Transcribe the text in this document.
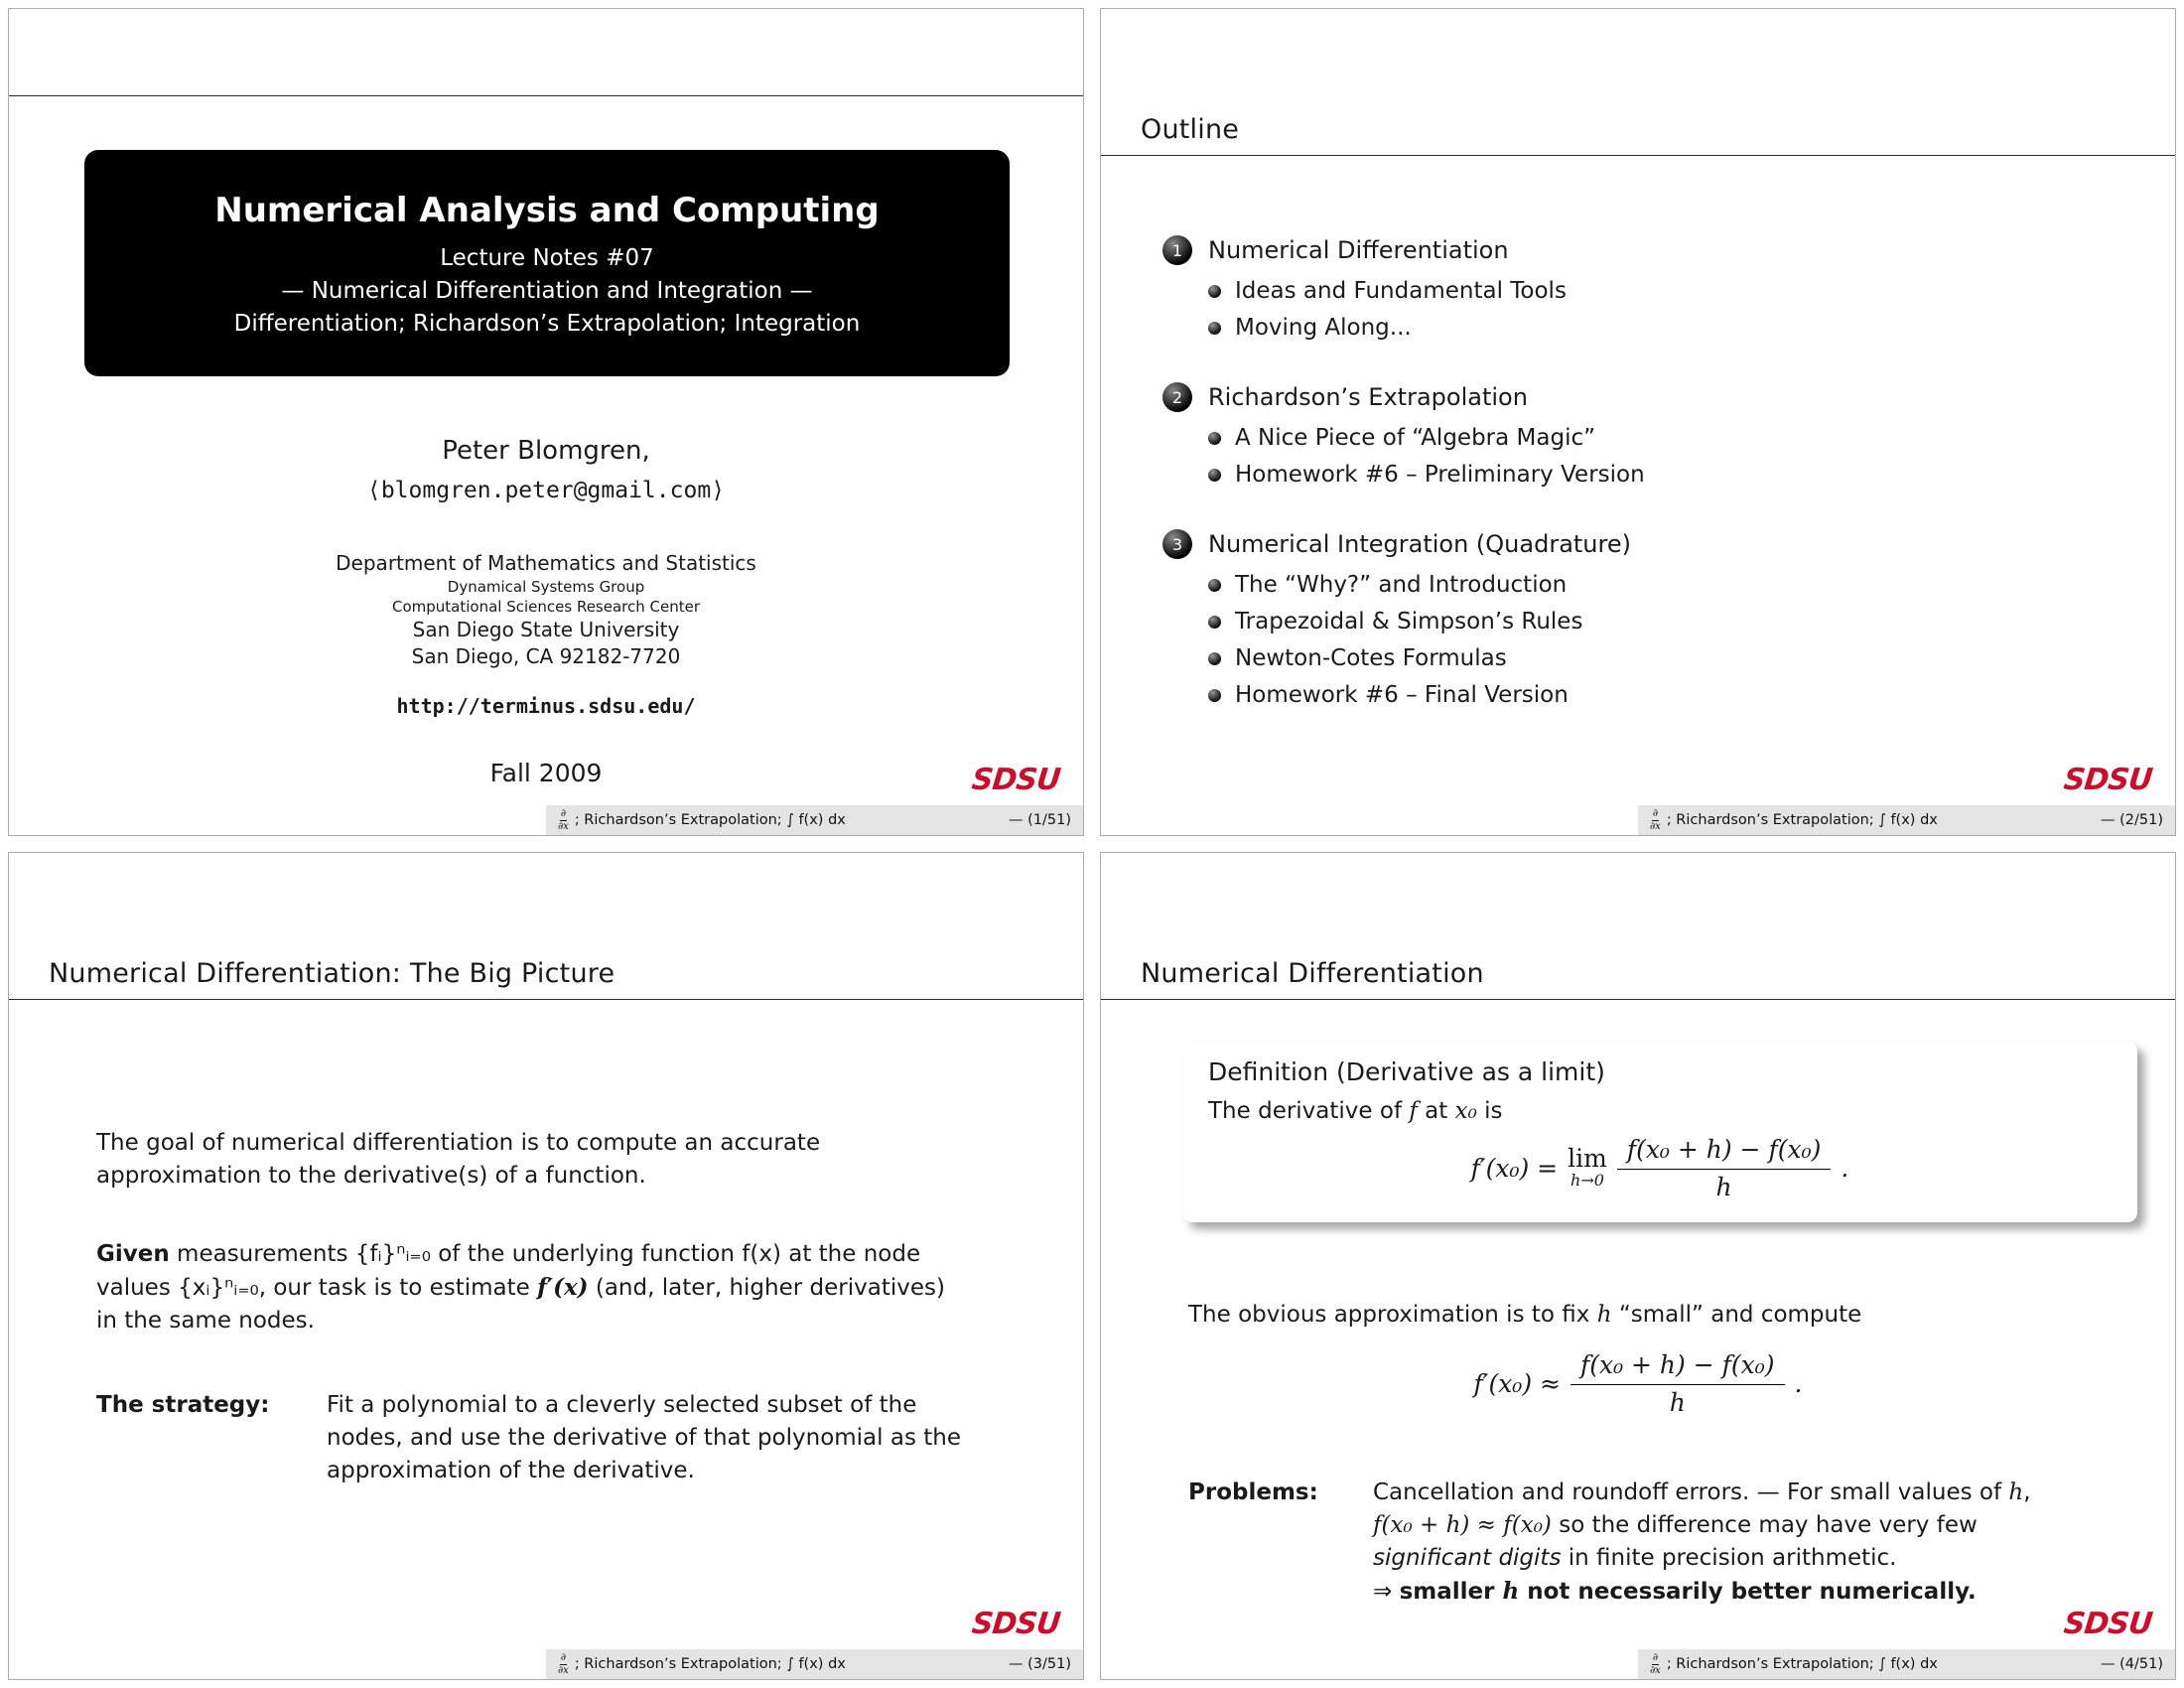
Numerical Analysis and Computing
Lecture Notes #07
— Numerical Differentiation and Integration —
Differentiation; Richardson’s Extrapolation; Integration
Peter Blomgren,
⟨blomgren.peter@gmail.com⟩
Department of Mathematics and Statistics
Dynamical Systems Group
Computational Sciences Research Center
San Diego State University
San Diego, CA 92182-7720
http://terminus.sdsu.edu/
Fall 2009	SDSU
∂
∂x ; Richardson’s Extrapolation; ∫ f(x) dx	— (1/51)
Outline
1 Numerical Differentiation
Ideas and Fundamental Tools
Moving Along...
2 Richardson’s Extrapolation
A Nice Piece of “Algebra Magic”
Homework #6 – Preliminary Version
3 Numerical Integration (Quadrature)
The “Why?” and Introduction
Trapezoidal & Simpson’s Rules
Newton-Cotes Formulas
Homework #6 – Final Version
SDSU
∂
∂x ; Richardson’s Extrapolation; ∫ f(x) dx	— (2/51)
Numerical Differentiation: The Big Picture

The goal of numerical differentiation is to compute an accurate approximation to the derivative(s) of a function.

Given measurements {fᵢ}ⁿᵢ₌₀ of the underlying function f(x) at the node values {xᵢ}ⁿᵢ₌₀, our task is to estimate f′(x) (and, later, higher derivatives) in the same nodes.

The strategy:	Fit a polynomial to a cleverly selected subset of the nodes, and use the derivative of that polynomial as the approximation of the derivative.
SDSU
∂
∂x ; Richardson’s Extrapolation; ∫ f(x) dx	— (3/51)
Numerical Differentiation
Definition (Derivative as a limit)
The derivative of f at x₀ is
f′(x₀) = lim
$h\to 0 \frac{\text{f(x₀ + h) − f(x₀)}}{h}$ .
The obvious approximation is to fix h “small” and compute
$f'(x_0) \approx \frac{\text{f(x₀ + h) − f(x₀)}}{h}$ .
Problems:	Cancellation and roundoff errors. — For small values of h, f(x₀ + h) ≈ f(x₀) so the difference may have very few significant digits in finite precision arithmetic.
⇒ smaller h not necessarily better numerically.
SDSU
∂
∂x ; Richardson’s Extrapolation; ∫ f(x) dx	— (4/51)
